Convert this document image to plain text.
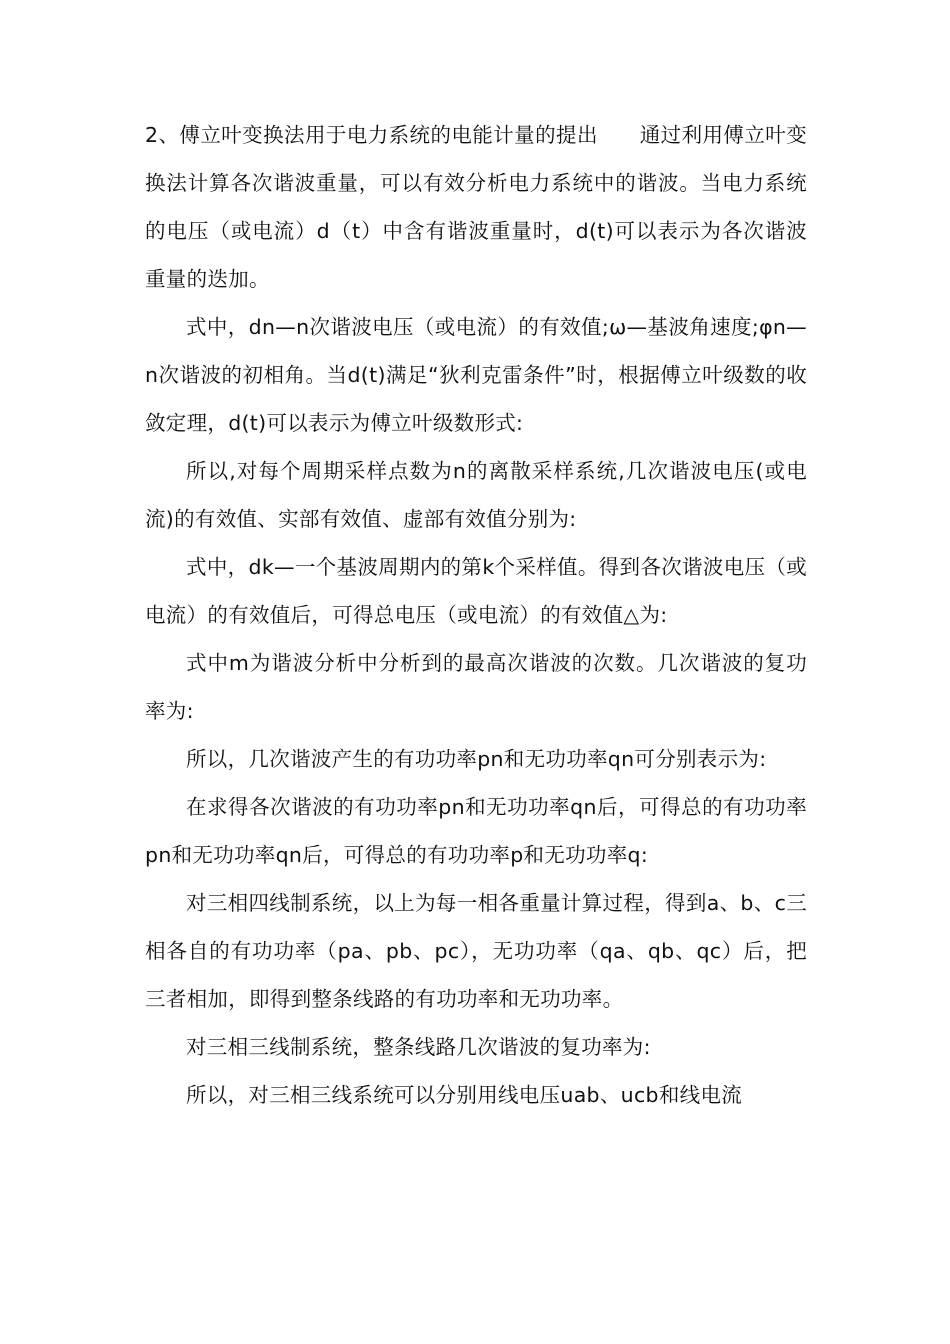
2、傅立叶变换法用于电力系统的电能计量的提出　　通过利用傅立叶变换法计算各次谐波重量，可以有效分析电力系统中的谐波。当电力系统的电压（或电流）d（t）中含有谐波重量时，d(t)可以表示为各次谐波重量的迭加。

式中，dn—n次谐波电压（或电流）的有效值;ω—基波角速度;φn—n次谐波的初相角。当d(t)满足“狄利克雷条件”时，根据傅立叶级数的收敛定理，d(t)可以表示为傅立叶级数形式:

所以,对每个周期采样点数为n的离散采样系统,几次谐波电压(或电流)的有效值、实部有效值、虚部有效值分别为:

式中，dk—一个基波周期内的第k个采样值。得到各次谐波电压（或电流）的有效值后，可得总电压（或电流）的有效值△为:

式中m为谐波分析中分析到的最高次谐波的次数。几次谐波的复功率为:

所以，几次谐波产生的有功功率pn和无功功率qn可分别表示为:

在求得各次谐波的有功功率pn和无功功率qn后，可得总的有功功率pn和无功功率qn后，可得总的有功功率p和无功功率q:

对三相四线制系统，以上为每一相各重量计算过程，得到a、b、c三相各自的有功功率（pa、pb、pc），无功功率（qa、qb、qc）后，把三者相加，即得到整条线路的有功功率和无功功率。

对三相三线制系统，整条线路几次谐波的复功率为:

所以，对三相三线系统可以分别用线电压uab、ucb和线电流
